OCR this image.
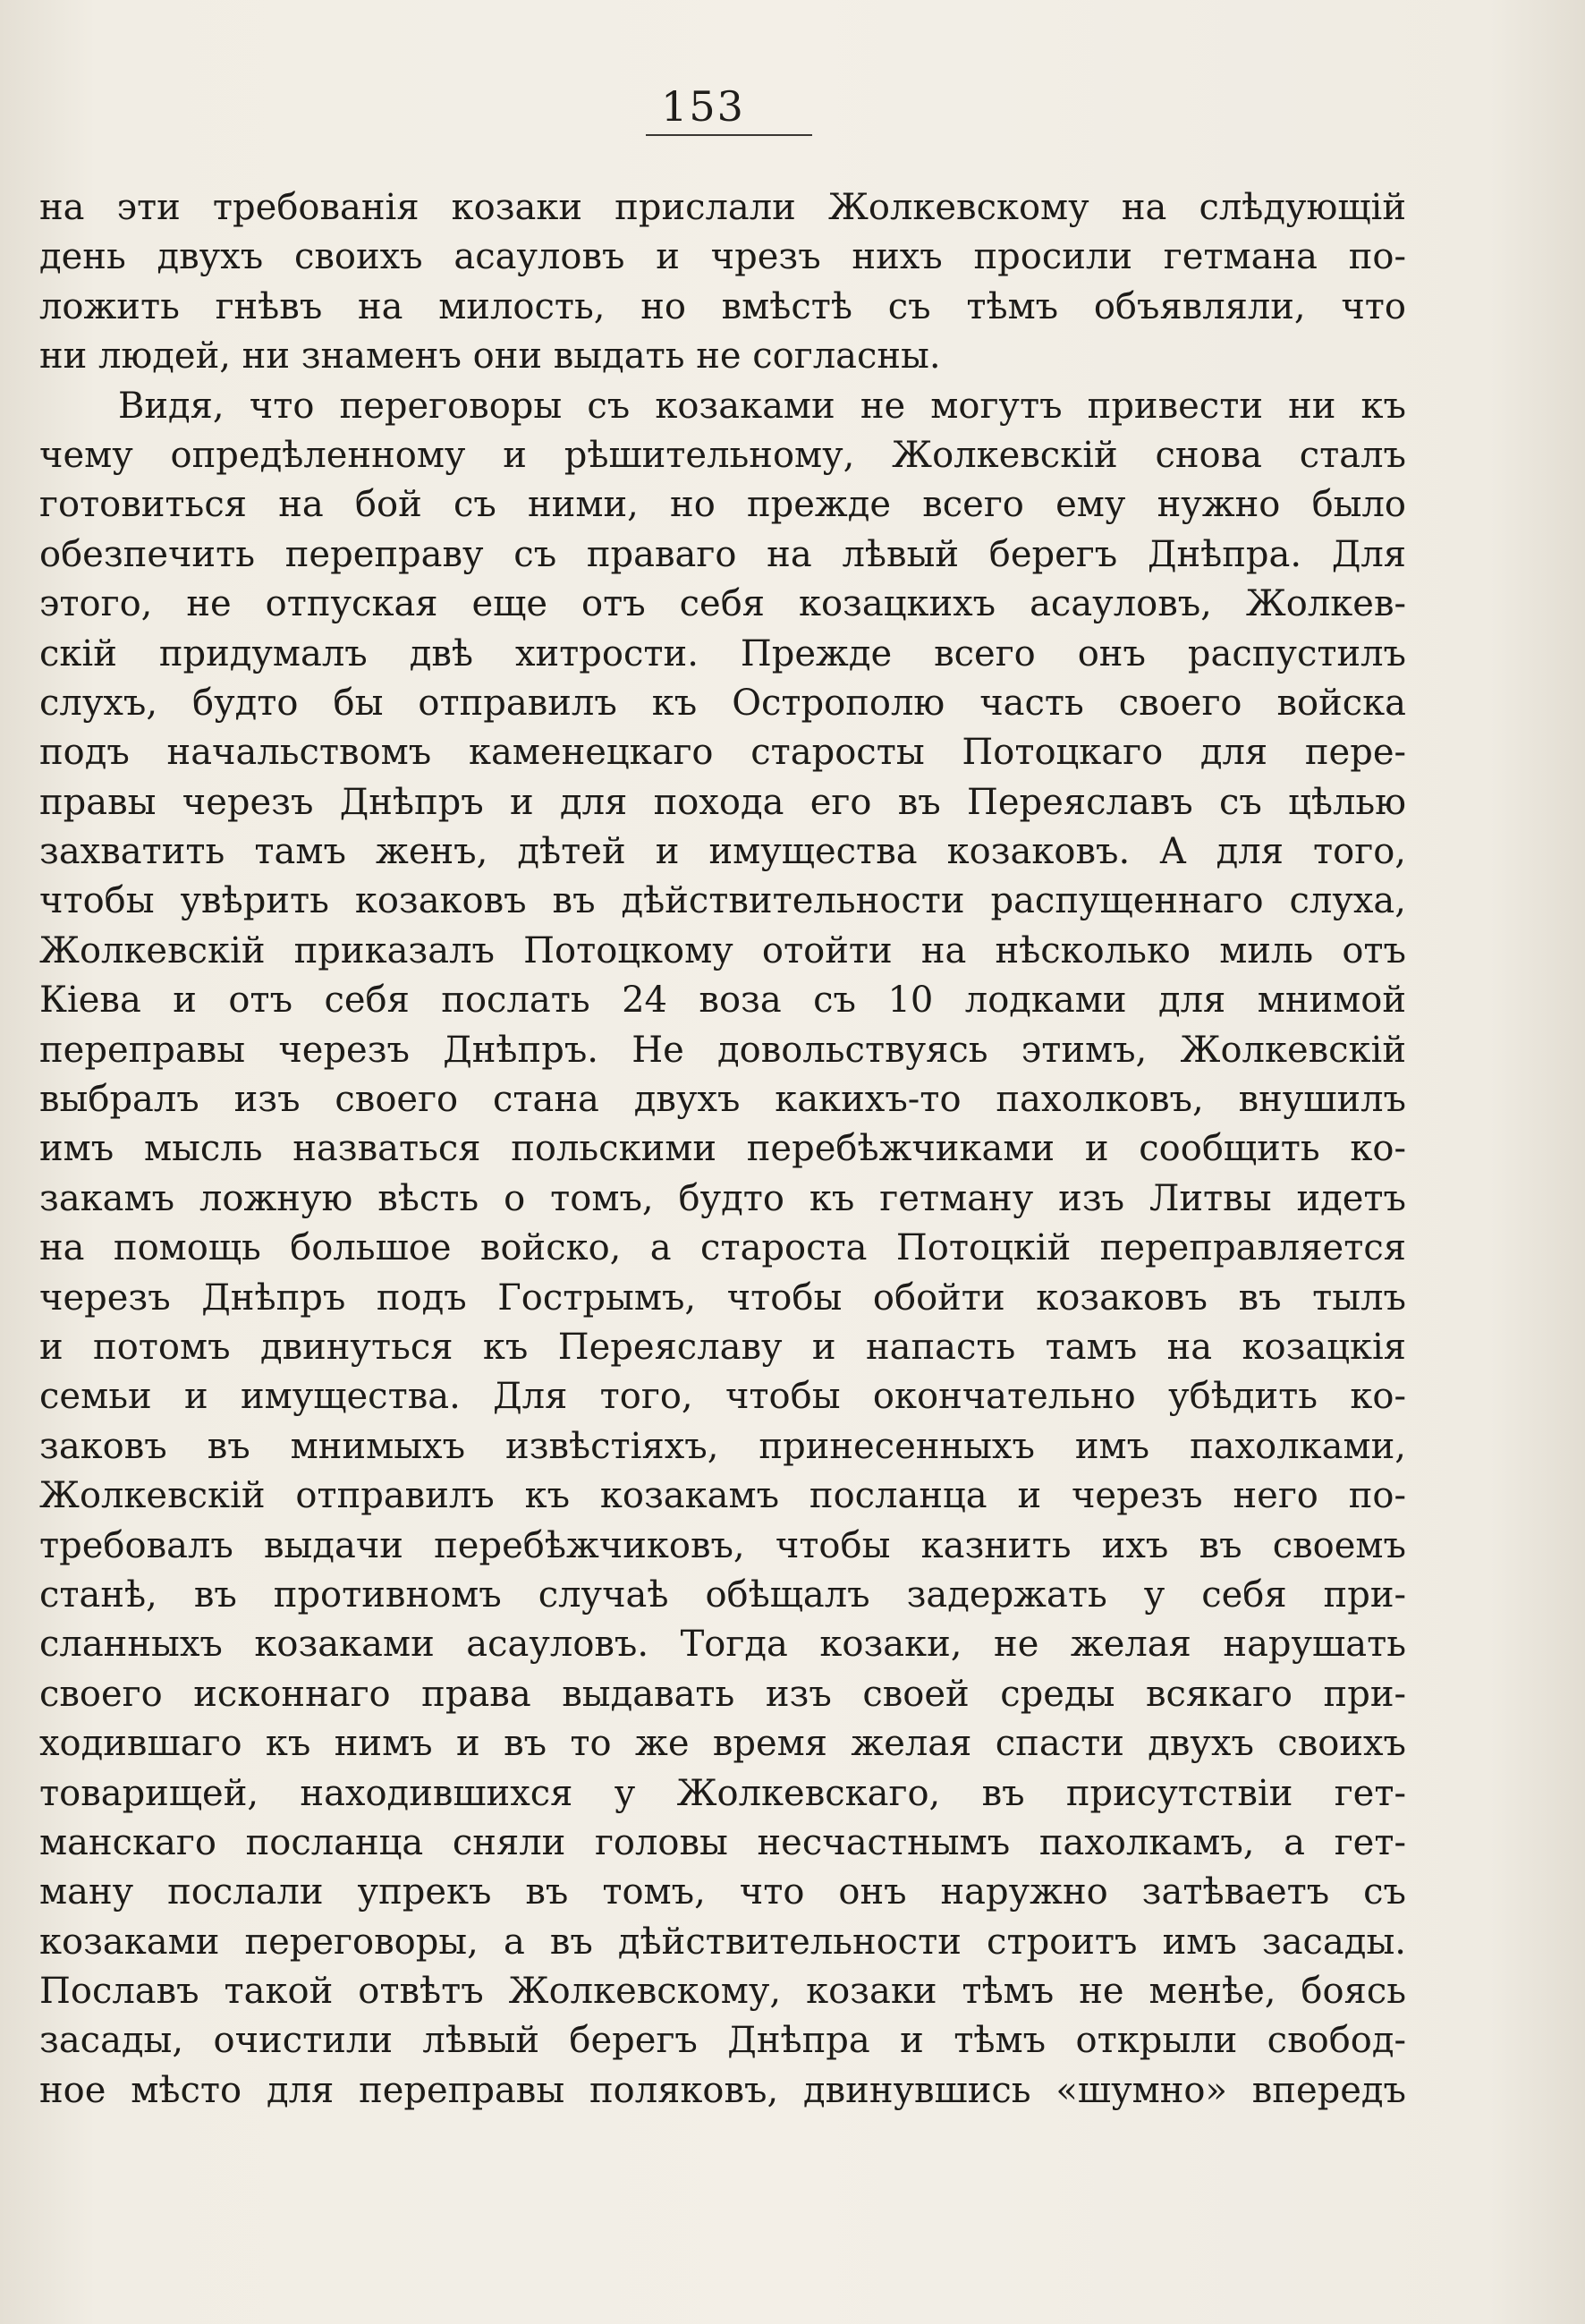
153
на эти требованія козаки прислали Жолкевскому на слѣдующій
день двухъ своихъ асауловъ и чрезъ нихъ просили гетмана по-
ложить гнѣвъ на милость, но вмѣстѣ съ тѣмъ объявляли, что
ни людей, ни знаменъ они выдать не согласны.
Видя, что переговоры съ козаками не могутъ привести ни къ
чему опредѣленному и рѣшительному, Жолкевскій снова сталъ
готовиться на бой съ ними, но прежде всего ему нужно было
обезпечить переправу съ праваго на лѣвый берегъ Днѣпра. Для
этого, не отпуская еще отъ себя козацкихъ асауловъ, Жолкев-
скій придумалъ двѣ хитрости. Прежде всего онъ распустилъ
слухъ, будто бы отправилъ къ Острополю часть своего войска
подъ начальствомъ каменецкаго старосты Потоцкаго для пере-
правы черезъ Днѣпръ и для похода его въ Переяславъ съ цѣлью
захватить тамъ женъ, дѣтей и имущества козаковъ. А для того,
чтобы увѣрить козаковъ въ дѣйствительности распущеннаго слуха,
Жолкевскій приказалъ Потоцкому отойти на нѣсколько миль отъ
Кіева и отъ себя послать 24 воза съ 10 лодками для мнимой
переправы черезъ Днѣпръ. Не довольствуясь этимъ, Жолкевскій
выбралъ изъ своего стана двухъ какихъ-то пахолковъ, внушилъ
имъ мысль назваться польскими перебѣжчиками и сообщить ко-
закамъ ложную вѣсть о томъ, будто къ гетману изъ Литвы идетъ
на помощь большое войско, а староста Потоцкій переправляется
черезъ Днѣпръ подъ Гострымъ, чтобы обойти козаковъ въ тылъ
и потомъ двинуться къ Переяславу и напасть тамъ на козацкія
семьи и имущества. Для того, чтобы окончательно убѣдить ко-
заковъ въ мнимыхъ извѣстіяхъ, принесенныхъ имъ пахолками,
Жолкевскій отправилъ къ козакамъ посланца и черезъ него по-
требовалъ выдачи перебѣжчиковъ, чтобы казнить ихъ въ своемъ
станѣ, въ противномъ случаѣ обѣщалъ задержать у себя при-
сланныхъ козаками асауловъ. Тогда козаки, не желая нарушать
своего исконнаго права выдавать изъ своей среды всякаго при-
ходившаго къ нимъ и въ то же время желая спасти двухъ своихъ
товарищей, находившихся у Жолкевскаго, въ присутствіи гет-
манскаго посланца сняли головы несчастнымъ пахолкамъ, а гет-
ману послали упрекъ въ томъ, что онъ наружно затѣваетъ съ
козаками переговоры, а въ дѣйствительности строитъ имъ засады.
Пославъ такой отвѣтъ Жолкевскому, козаки тѣмъ не менѣе, боясь
засады, очистили лѣвый берегъ Днѣпра и тѣмъ открыли свобод-
ное мѣсто для переправы поляковъ, двинувшись «шумно» впередъ
